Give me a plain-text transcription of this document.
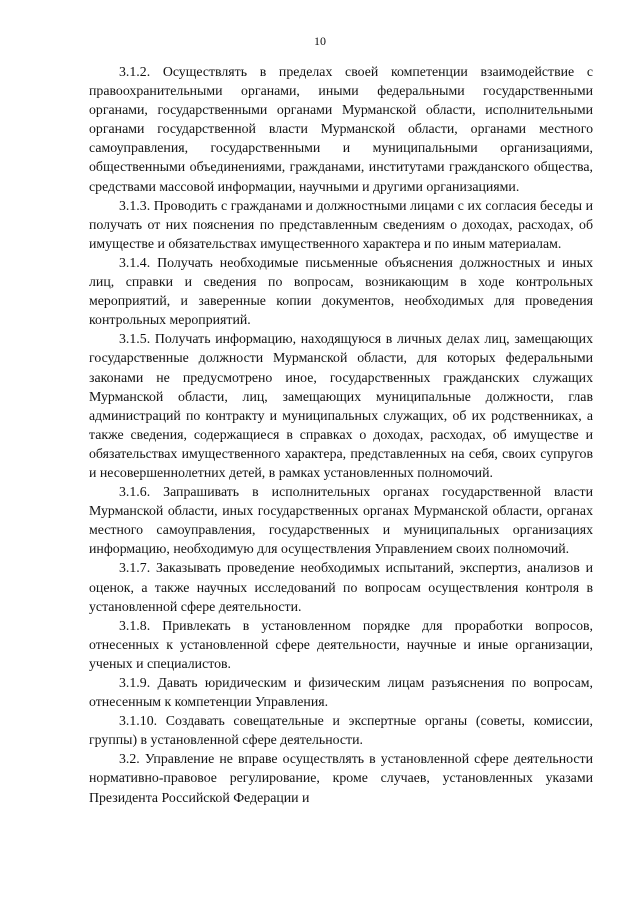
10

3.1.2. Осуществлять в пределах своей компетенции взаимодействие с правоохранительными органами, иными федеральными государственными органами, государственными органами Мурманской области, исполнительными органами государственной власти Мурманской области, органами местного самоуправления, государственными и муниципальными организациями, общественными объединениями, гражданами, институтами гражданского общества, средствами массовой информации, научными и другими организациями.

3.1.3. Проводить с гражданами и должностными лицами с их согласия беседы и получать от них пояснения по представленным сведениям о доходах, расходах, об имуществе и обязательствах имущественного характера и по иным материалам.

3.1.4. Получать необходимые письменные объяснения должностных и иных лиц, справки и сведения по вопросам, возникающим в ходе контрольных мероприятий, и заверенные копии документов, необходимых для проведения контрольных мероприятий.

3.1.5. Получать информацию, находящуюся в личных делах лиц, замещающих государственные должности Мурманской области, для которых федеральными законами не предусмотрено иное, государственных гражданских служащих Мурманской области, лиц, замещающих муниципальные должности, глав администраций по контракту и муниципальных служащих, об их родственниках, а также сведения, содержащиеся в справках о доходах, расходах, об имуществе и обязательствах имущественного характера, представленных на себя, своих супругов и несовершеннолетних детей, в рамках установленных полномочий.

3.1.6. Запрашивать в исполнительных органах государственной власти Мурманской области, иных государственных органах Мурманской области, органах местного самоуправления, государственных и муниципальных организациях информацию, необходимую для осуществления Управлением своих полномочий.

3.1.7. Заказывать проведение необходимых испытаний, экспертиз, анализов и оценок, а также научных исследований по вопросам осуществления контроля в установленной сфере деятельности.

3.1.8. Привлекать в установленном порядке для проработки вопросов, отнесенных к установленной сфере деятельности, научные и иные организации, ученых и специалистов.

3.1.9. Давать юридическим и физическим лицам разъяснения по вопросам, отнесенным к компетенции Управления.

3.1.10. Создавать совещательные и экспертные органы (советы, комиссии, группы) в установленной сфере деятельности.

3.2. Управление не вправе осуществлять в установленной сфере деятельности нормативно-правовое регулирование, кроме случаев, установленных указами Президента Российской Федерации и
